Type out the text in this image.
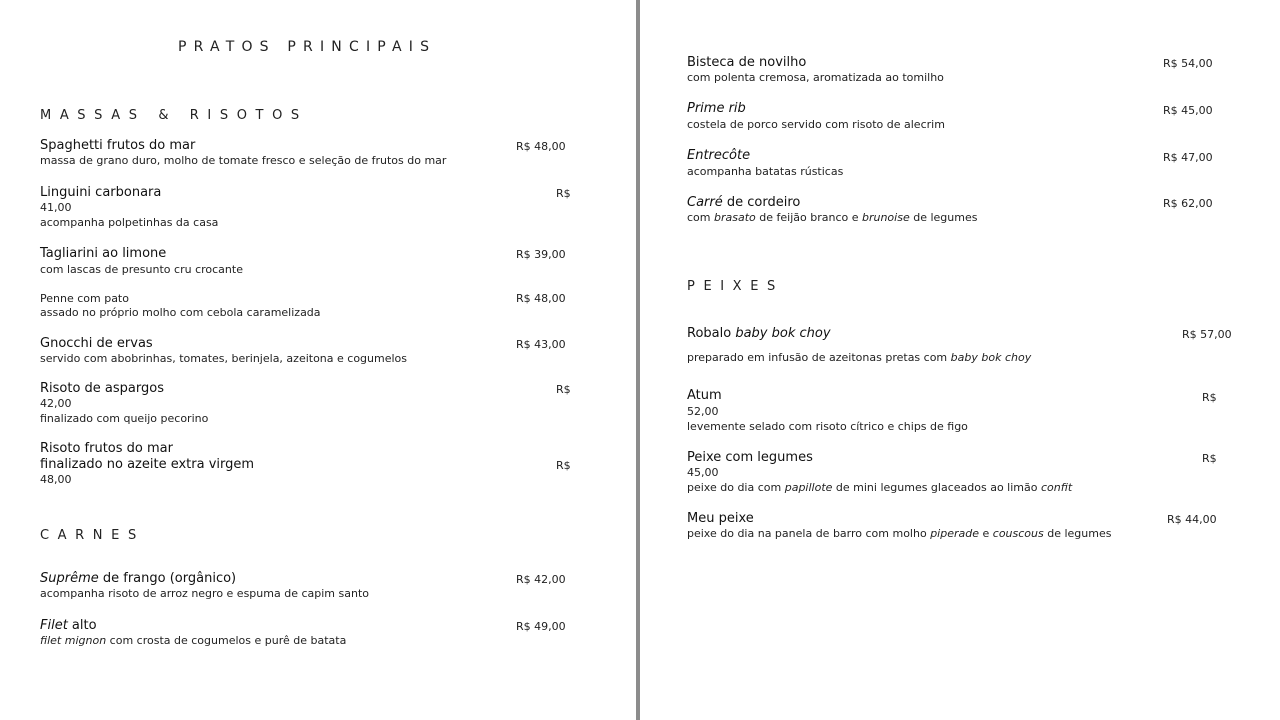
PRATOS PRINCIPAIS
MASSAS & RISOTOS
Spaghetti frutos do mar
massa de grano duro, molho de tomate fresco e seleção de frutos do mar
R$ 48,00
Linguini carbonara	R$
41,00
acompanha polpetinhas da casa
Tagliarini ao limone
com lascas de presunto cru crocante
R$ 39,00
Penne com pato
assado no próprio molho com cebola caramelizada
R$ 48,00
Gnocchi de ervas
servido com abobrinhas, tomates, berinjela, azeitona e cogumelos
R$ 43,00
Risoto de aspargos	R$
42,00
finalizado com queijo pecorino
Risoto frutos do mar
finalizado no azeite extra virgem	R$
48,00
CARNES
Suprême de frango (orgânico)
acompanha risoto de arroz negro e espuma de capim santo
R$ 42,00
Filet alto
filet mignon com crosta de cogumelos e purê de batata
R$ 49,00
Bisteca de novilho
com polenta cremosa, aromatizada ao tomilho
R$ 54,00
Prime rib
costela de porco servido com risoto de alecrim
R$ 45,00
Entrecôte
acompanha batatas rústicas
R$ 47,00
Carré de cordeiro
com brasato de feijão branco e brunoise de legumes
R$ 62,00
PEIXES
Robalo baby bok choy
preparado em infusão de azeitonas pretas com baby bok choy
R$ 57,00
Atum	R$
52,00
levemente selado com risoto cítrico e chips de figo
Peixe com legumes	R$
45,00
peixe do dia com papillote de mini legumes glaceados ao limão confit
Meu peixe
peixe do dia na panela de barro com molho piperade e couscous de legumes
R$ 44,00
